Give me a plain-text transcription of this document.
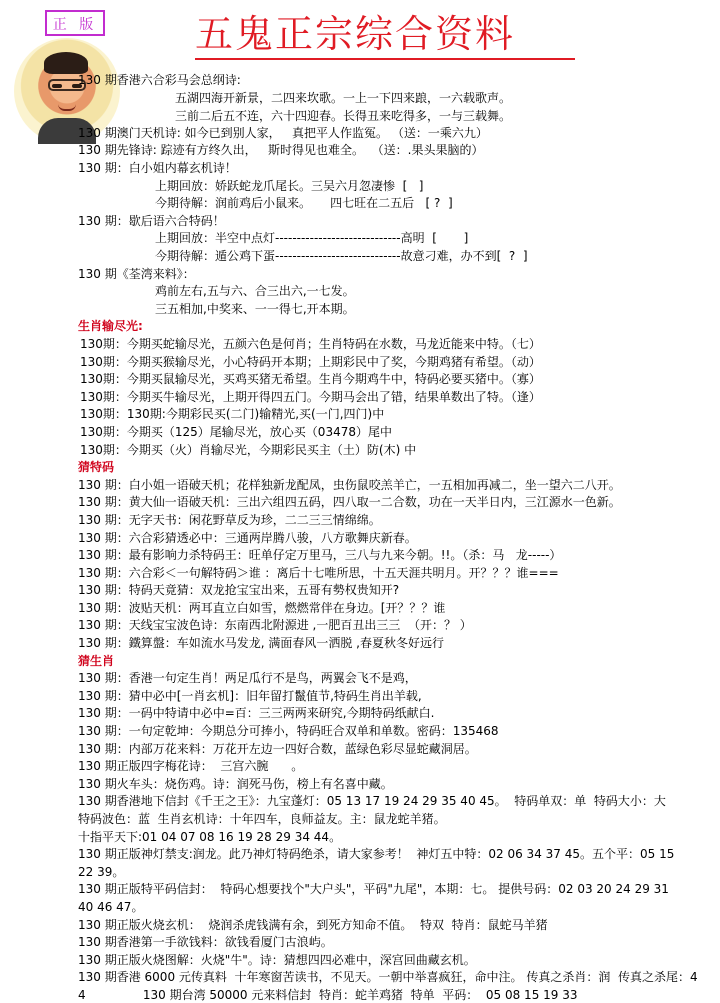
正 版	五鬼正宗综合资料
130 期香港六合彩马会总纲诗:
五湖四海开新景，二四来坎歌。一上一下四来踉，一六载歌声。
三前二后五不连，六十四迎春。长得丑来吃得多，一与三载舞。
130 期澳门天机诗: 如今已到别人家，   真把平人作监冤。 （送：一乘六九）
130 期先锋诗: 踪迹有方终久出，   斯时得见也难全。  （送：.果头果脑的）
130 期：白小姐内幕玄机诗！
上期回放：娇跃蛇龙爪尾长。三吴六月忽凄惨  [   ]
今期待解：润前鸡后小鼠来。     四七旺在二五后   [ ?  ]
130 期：歇后语六合特码！
上期回放：半空中点灯-----------------------------高明  [       ]
今期待解：遁公鸡下蛋-----------------------------故意刁难，办不到[  ?  ]
130 期《荃湾来料》：
鸡前左右,五与六、合三出六,一七发。
三五相加,中奖来、一一得七,开本期。
生肖输尽光:
130期：今期买蛇输尽光，五颜六色是何肖；生肖特码在水数，马龙近能来中特。（七）
130期：今期买猴输尽光，小心特码开本期；上期彩民中了奖，今期鸡猪有希望。（动）
130期：今期买鼠输尽光，买鸡买猪无希望。生肖今期鸡牛中，特码必要买猪中。（寡）
130期：今期买牛输尽光，上期开得四五门。今期马会出了错，结果单数出了特。（逢）
130期：130期:今期彩民买(二门)输精光,买(一门,四门)中
130期：今期买（125）尾输尽光，放心买（03478）尾中
130期：今期买（火）肖输尽光，今期彩民买主（土）防(木) 中
猜特码
130 期：白小姐一语破天机；花样独新龙配凤，虫伤鼠咬羔羊亡，一五相加再减二，坐一望六二八开。
130 期：黄大仙一语破天机：三出六组四五码，四八取一二合数，功在一天半日内，三江源水一色新。
130 期：无字天书：闲花野草反为珍，二二三三情绵绵。
130 期：六合彩猜透必中：三通两岸腾八骏，八方歌舞庆新春。
130 期：最有影响力杀特码王：旺单仔定万里马，三八与九来今朝。!!。（杀：马   龙-----）
130 期：六合彩＜一句解特码＞谁 ：离后十七唯所思，十五天涯共明月。开？？？谁===
130 期：特码天竟猜：双龙抢宝宝出来，五哥有勢权贵知开?
130 期：波贴天机：两耳直立白如雪，燃燃常伴在身边。[开？？？谁
130 期：天线宝宝波色诗：东南西北附源进 ,一肥百丑出三三  （开：？ ）
130 期：鐵算盤：车如流水马发龙, 满面春风一洒脱 ,春夏秋冬好远行
猜生肖
130 期：香港一句定生肖！两足瓜行不是鸟，两翼会飞不是鸡，
130 期：猜中必中[一肖玄机]：旧年留打鬣值节,特码生肖出羊载,
130 期：一码中特请中必中=百：三三两两来研究,今期特码纸献白.
130 期：一句定乾坤：今期总分可捧小，特码旺合双单和单数。密码：135468
130 期：内部万花来料：万花开左边一四好合数，蓝绿色彩尽显蛇藏洞居。
130 期正版四字梅花诗：  三宫六腕      。
130 期火车头：烧伤鸡。诗：润死马伤，榜上有名喜中藏。
130 期香港地下信封《千王之王》：九宝蓬灯：05 13 17 19 24 29 35 40 45。  特码单双：单  特码大小：大
特码波色：蓝  生肖玄机诗：十年四车，良师益友。主：鼠龙蛇羊猪。
十指平天下:01 04 07 08 16 19 28 29 34 44。
130 期正版神灯禁支:润龙。此乃神灯特码绝杀，请大家参考！  神灯五中特：02 06 34 37 45。五个平：05 15
22 39。
130 期正版特平码信封：  特码心想要找个"大户头"，平码"九尾"，本期：七。 提供号码：02 03 20 24 29 31
40 46 47。
130 期正版火烧玄机：  烧润杀虎钱满有余，到死方知命不值。  特双  特肖：鼠蛇马羊猪
130 期香港第一手欲钱料：欲钱看厦门古浪屿。
130 期正版火烧图解：火烧"牛"。诗：猜想四四必难中，深宫回曲藏玄机。
130 期香港 6000 元传真料  十年寒窗苦读书，不见天。一朝中举喜疯狂，命中注。 传真之杀肖：润  传真之杀尾：4
4               130 期台湾 50000 元来料信封  特肖：蛇羊鸡猪  特单  平码：  05 08 15 19 33
